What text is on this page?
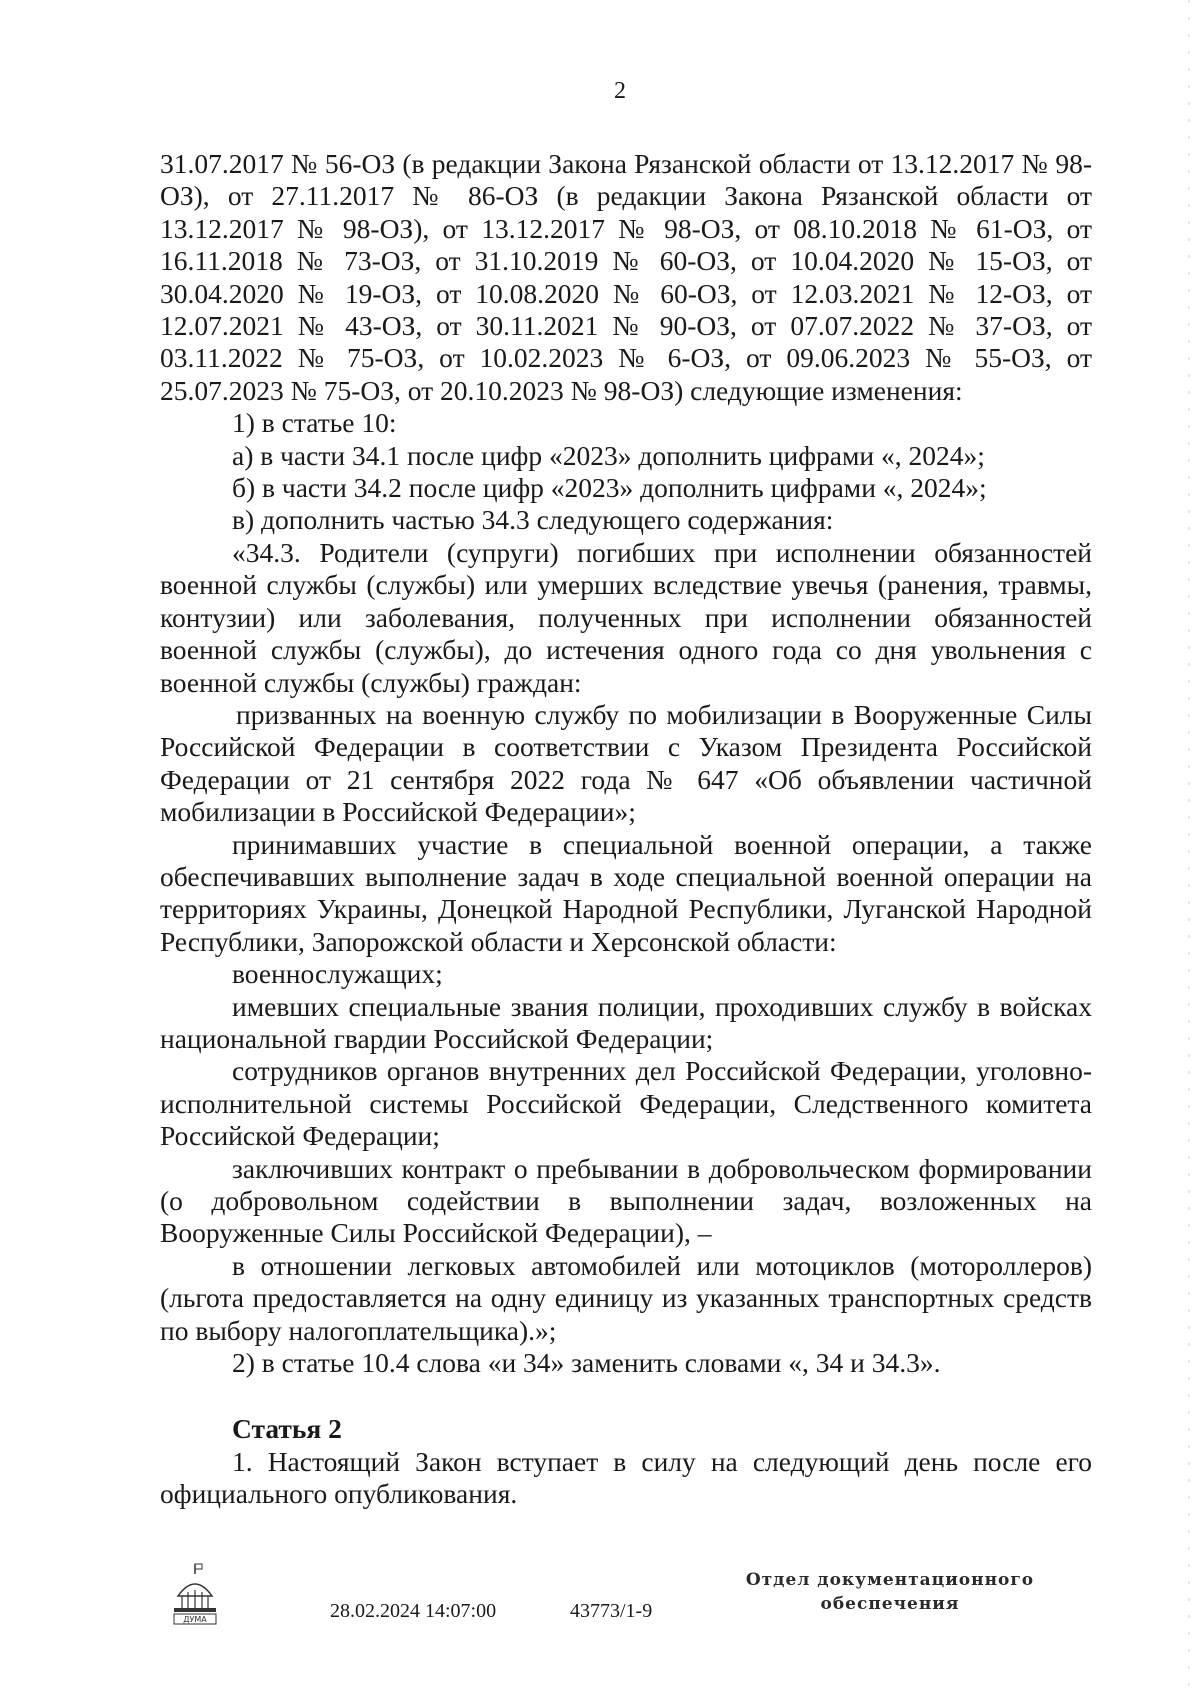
2

31.07.2017 № 56-ОЗ (в редакции Закона Рязанской области от 13.12.2017 № 98-ОЗ), от 27.11.2017 № 86-ОЗ (в редакции Закона Рязанской области от 13.12.2017 № 98-ОЗ), от 13.12.2017 № 98-ОЗ, от 08.10.2018 № 61-ОЗ, от 16.11.2018 № 73-ОЗ, от 31.10.2019 № 60-ОЗ, от 10.04.2020 № 15-ОЗ, от 30.04.2020 № 19-ОЗ, от 10.08.2020 № 60-ОЗ, от 12.03.2021 № 12-ОЗ, от 12.07.2021 № 43-ОЗ, от 30.11.2021 № 90-ОЗ, от 07.07.2022 № 37-ОЗ, от 03.11.2022 № 75-ОЗ, от 10.02.2023 № 6-ОЗ, от 09.06.2023 № 55-ОЗ, от 25.07.2023 № 75-ОЗ, от 20.10.2023 № 98-ОЗ) следующие изменения:

1) в статье 10:

а) в части 34.1 после цифр «2023» дополнить цифрами «, 2024»;

б) в части 34.2 после цифр «2023» дополнить цифрами «, 2024»;

в) дополнить частью 34.3 следующего содержания:

«34.3. Родители (супруги) погибших при исполнении обязанностей военной службы (службы) или умерших вследствие увечья (ранения, травмы, контузии) или заболевания, полученных при исполнении обязанностей военной службы (службы), до истечения одного года со дня увольнения с военной службы (службы) граждан:

призванных на военную службу по мобилизации в Вооруженные Силы Российской Федерации в соответствии с Указом Президента Российской Федерации от 21 сентября 2022 года № 647 «Об объявлении частичной мобилизации в Российской Федерации»;

принимавших участие в специальной военной операции, а также обеспечивавших выполнение задач в ходе специальной военной операции на территориях Украины, Донецкой Народной Республики, Луганской Народной Республики, Запорожской области и Херсонской области:

военнослужащих;

имевших специальные звания полиции, проходивших службу в войсках национальной гвардии Российской Федерации;

сотрудников органов внутренних дел Российской Федерации, уголовно-исполнительной системы Российской Федерации, Следственного комитета Российской Федерации;

заключивших контракт о пребывании в добровольческом формировании (о добровольном содействии в выполнении задач, возложенных на Вооруженные Силы Российской Федерации), –

в отношении легковых автомобилей или мотоциклов (мотороллеров) (льгота предоставляется на одну единицу из указанных транспортных средств по выбору налогоплательщика).»;

2) в статье 10.4 слова «и 34» заменить словами «, 34 и 34.3».

Статья 2

1. Настоящий Закон вступает в силу на следующий день после его официального опубликования.

ДУМА	28.02.2024 14:07:00	43773/1-9
Отдел документационного
обеспечения
